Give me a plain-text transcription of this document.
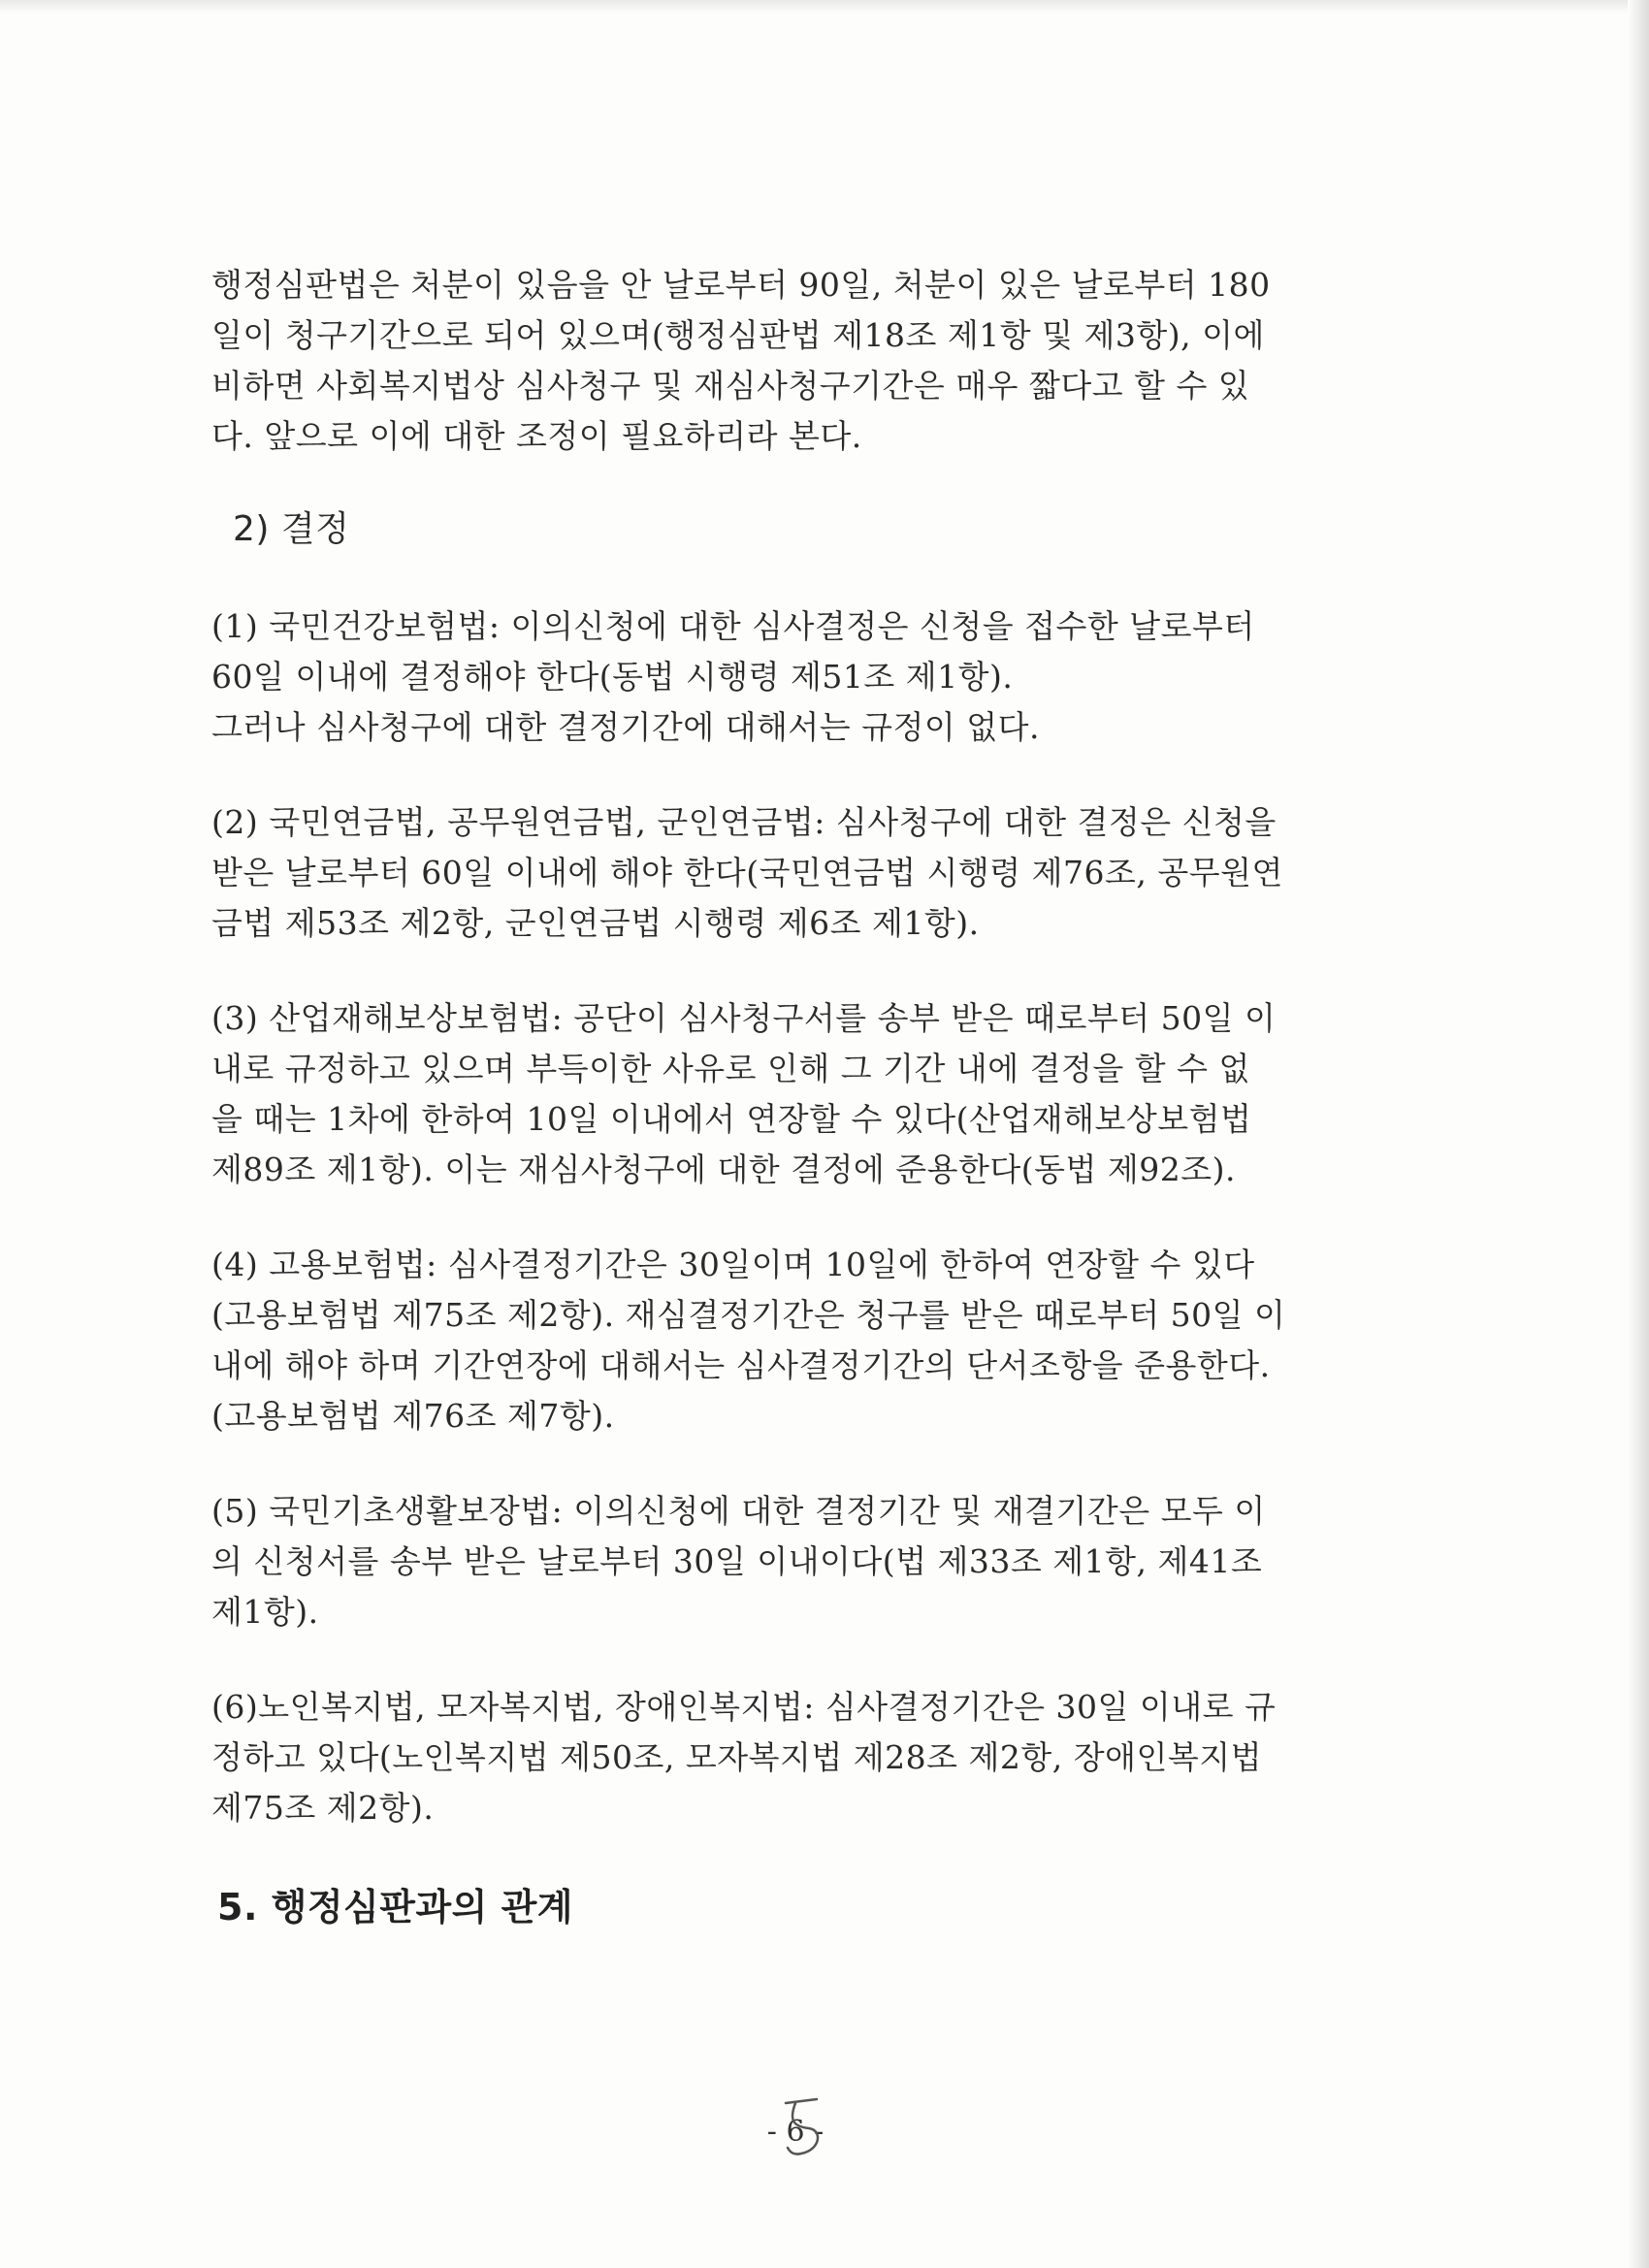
행정심판법은 처분이 있음을 안 날로부터 90일, 처분이 있은 날로부터 180
일이 청구기간으로 되어 있으며(행정심판법 제18조 제1항 및 제3항), 이에
비하면 사회복지법상 심사청구 및 재심사청구기간은 매우 짧다고 할 수 있
다. 앞으로 이에 대한 조정이 필요하리라 본다.

2) 결정

(1) 국민건강보험법: 이의신청에 대한 심사결정은 신청을 접수한 날로부터
60일 이내에 결정해야 한다(동법 시행령 제51조 제1항).
그러나 심사청구에 대한 결정기간에 대해서는 규정이 없다.

(2) 국민연금법, 공무원연금법, 군인연금법: 심사청구에 대한 결정은 신청을
받은 날로부터 60일 이내에 해야 한다(국민연금법 시행령 제76조, 공무원연
금법 제53조 제2항, 군인연금법 시행령 제6조 제1항).

(3) 산업재해보상보험법: 공단이 심사청구서를 송부 받은 때로부터 50일 이
내로 규정하고 있으며 부득이한 사유로 인해 그 기간 내에 결정을 할 수 없
을 때는 1차에 한하여 10일 이내에서 연장할 수 있다(산업재해보상보험법
제89조 제1항). 이는 재심사청구에 대한 결정에 준용한다(동법 제92조).

(4) 고용보험법: 심사결정기간은 30일이며 10일에 한하여 연장할 수 있다
(고용보험법 제75조 제2항). 재심결정기간은 청구를 받은 때로부터 50일 이
내에 해야 하며 기간연장에 대해서는 심사결정기간의 단서조항을 준용한다.
(고용보험법 제76조 제7항).

(5) 국민기초생활보장법: 이의신청에 대한 결정기간 및 재결기간은 모두 이
의 신청서를 송부 받은 날로부터 30일 이내이다(법 제33조 제1항, 제41조
제1항).

(6)노인복지법, 모자복지법, 장애인복지법: 심사결정기간은 30일 이내로 규
정하고 있다(노인복지법 제50조, 모자복지법 제28조 제2항, 장애인복지법
제75조 제2항).

5. 행정심판과의 관계
- 6 -
